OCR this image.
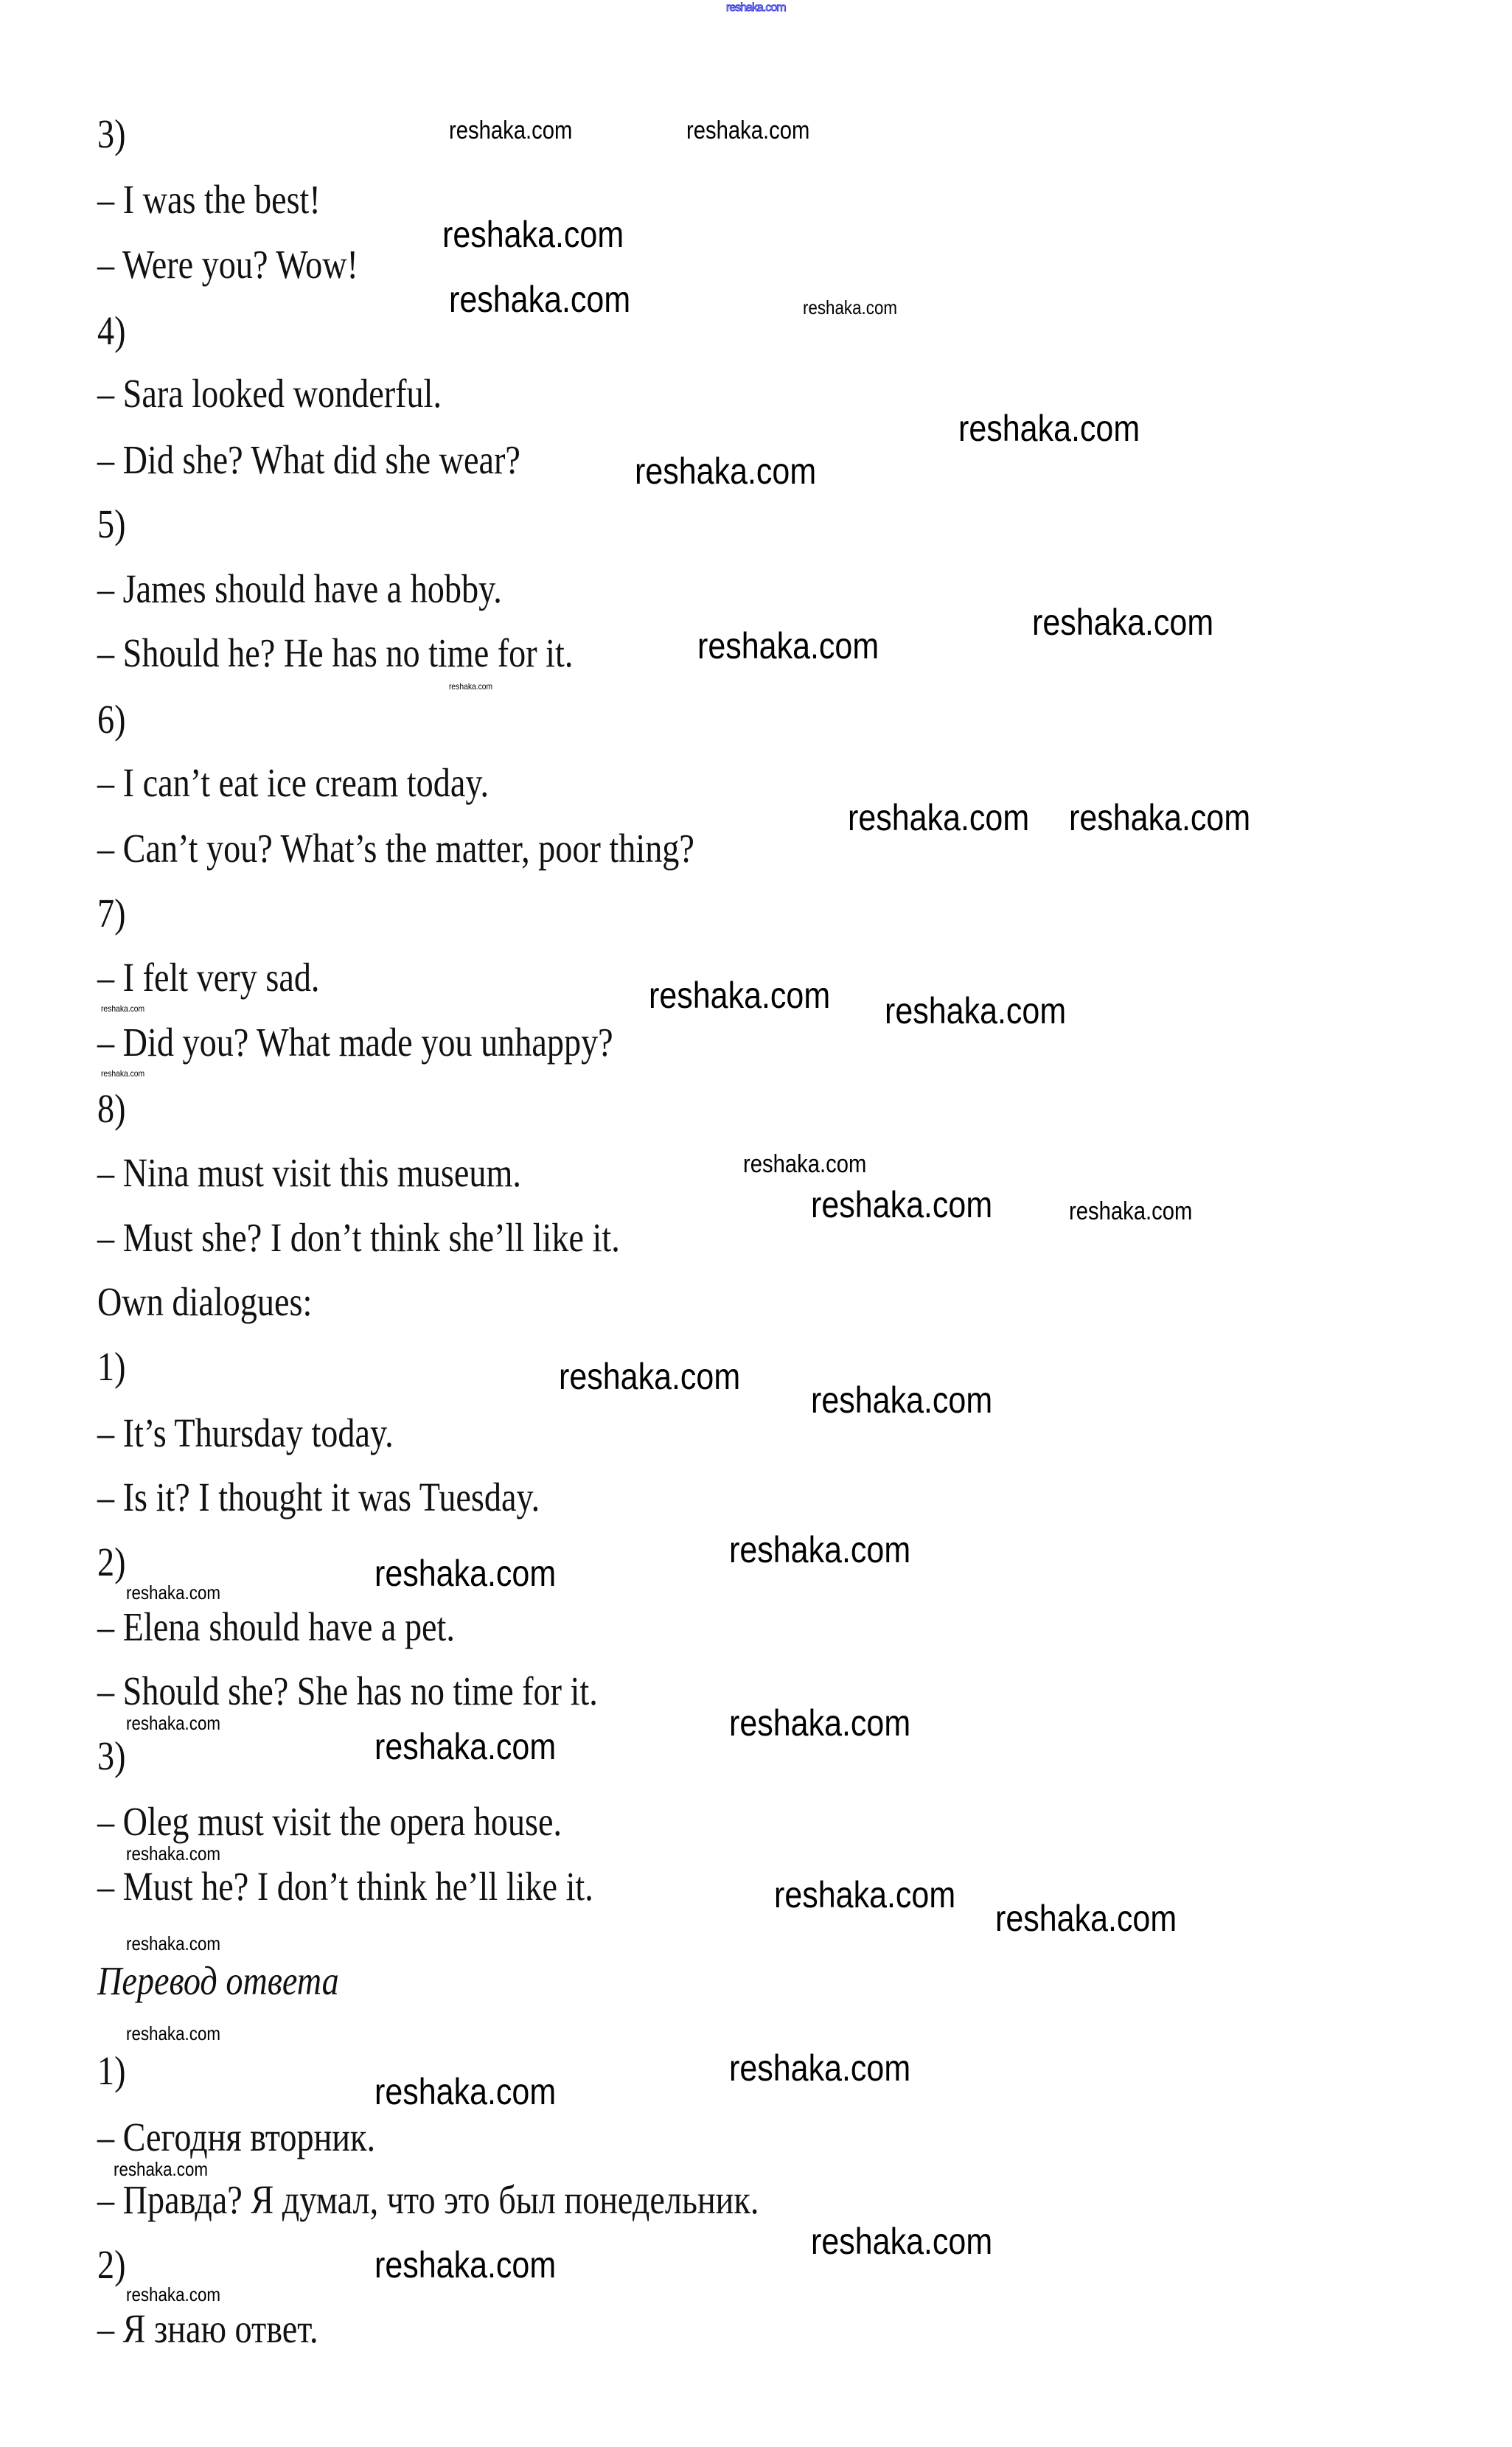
reshaka.com
3)
– I was the best!
– Were you? Wow!
4)
– Sara looked wonderful.
– Did she? What did she wear?
5)
– James should have a hobby.
– Should he? He has no time for it.
6)
– I can’t eat ice cream today.
– Can’t you? What’s the matter, poor thing?
7)
– I felt very sad.
– Did you? What made you unhappy?
8)
– Nina must visit this museum.
– Must she? I don’t think she’ll like it.
Own dialogues:
1)
– It’s Thursday today.
– Is it? I thought it was Tuesday.
2)
– Elena should have a pet.
– Should she? She has no time for it.
3)
– Oleg must visit the opera house.
– Must he? I don’t think he’ll like it.
Перевод ответа
1)
– Сегодня вторник.
– Правда? Я думал, что это был понедельник.
2)
– Я знаю ответ.
reshaka.com
reshaka.com
reshaka.com
reshaka.com
reshaka.com
reshaka.com
reshaka.com reshaka.com
reshaka.com
reshaka.com
reshaka.com
reshaka.com
reshaka.com
reshaka.com
reshaka.com
reshaka.com
reshaka.com
reshaka.com
reshaka.com
reshaka.com
reshaka.com
reshaka.com
reshaka.com
reshaka.com	reshaka.com
reshaka.com
reshaka.com
reshaka.com
reshaka.com
reshaka.com
reshaka.com
reshaka.com
reshaka.com
reshaka.com
reshaka.com
reshaka.com
reshaka.com
reshaka.com
